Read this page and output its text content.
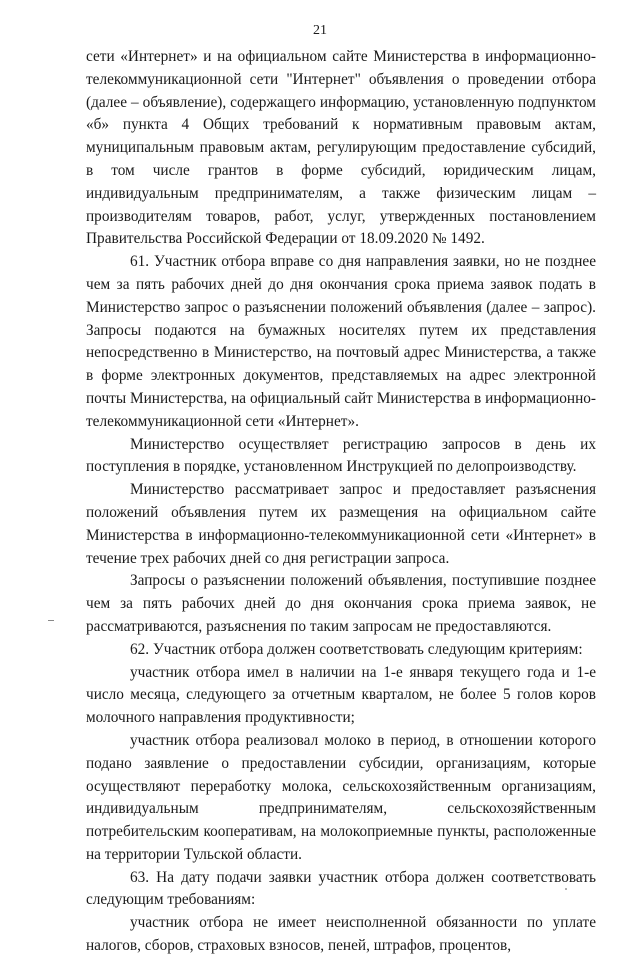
21

сети «Интернет» и на официальном сайте Министерства в информационно-телекоммуникационной сети "Интернет" объявления о проведении отбора (далее – объявление), содержащего информацию, установленную подпунктом «б» пункта 4 Общих требований к нормативным правовым актам, муниципальным правовым актам, регулирующим предоставление субсидий, в том числе грантов в форме субсидий, юридическим лицам, индивидуальным предпринимателям, а также физическим лицам – производителям товаров, работ, услуг, утвержденных постановлением Правительства Российской Федерации от 18.09.2020 № 1492.

61. Участник отбора вправе со дня направления заявки, но не позднее чем за пять рабочих дней до дня окончания срока приема заявок подать в Министерство запрос о разъяснении положений объявления (далее – запрос). Запросы подаются на бумажных носителях путем их представления непосредственно в Министерство, на почтовый адрес Министерства, а также в форме электронных документов, представляемых на адрес электронной почты Министерства, на официальный сайт Министерства в информационно-телекоммуникационной сети «Интернет».

Министерство осуществляет регистрацию запросов в день их поступления в порядке, установленном Инструкцией по делопроизводству.

Министерство рассматривает запрос и предоставляет разъяснения положений объявления путем их размещения на официальном сайте Министерства в информационно-телекоммуникационной сети «Интернет» в течение трех рабочих дней со дня регистрации запроса.

Запросы о разъяснении положений объявления, поступившие позднее чем за пять рабочих дней до дня окончания срока приема заявок, не рассматриваются, разъяснения по таким запросам не предоставляются.

62. Участник отбора должен соответствовать следующим критериям:

участник отбора имел в наличии на 1-е января текущего года и 1-е число месяца, следующего за отчетным кварталом, не более 5 голов коров молочного направления продуктивности;

участник отбора реализовал молоко в период, в отношении которого подано заявление о предоставлении субсидии, организациям, которые осуществляют переработку молока, сельскохозяйственным организациям, индивидуальным предпринимателям, сельскохозяйственным потребительским кооперативам, на молокоприемные пункты, расположенные на территории Тульской области.

63. На дату подачи заявки участник отбора должен соответствовать следующим требованиям:

участник отбора не имеет неисполненной обязанности по уплате налогов, сборов, страховых взносов, пеней, штрафов, процентов,
